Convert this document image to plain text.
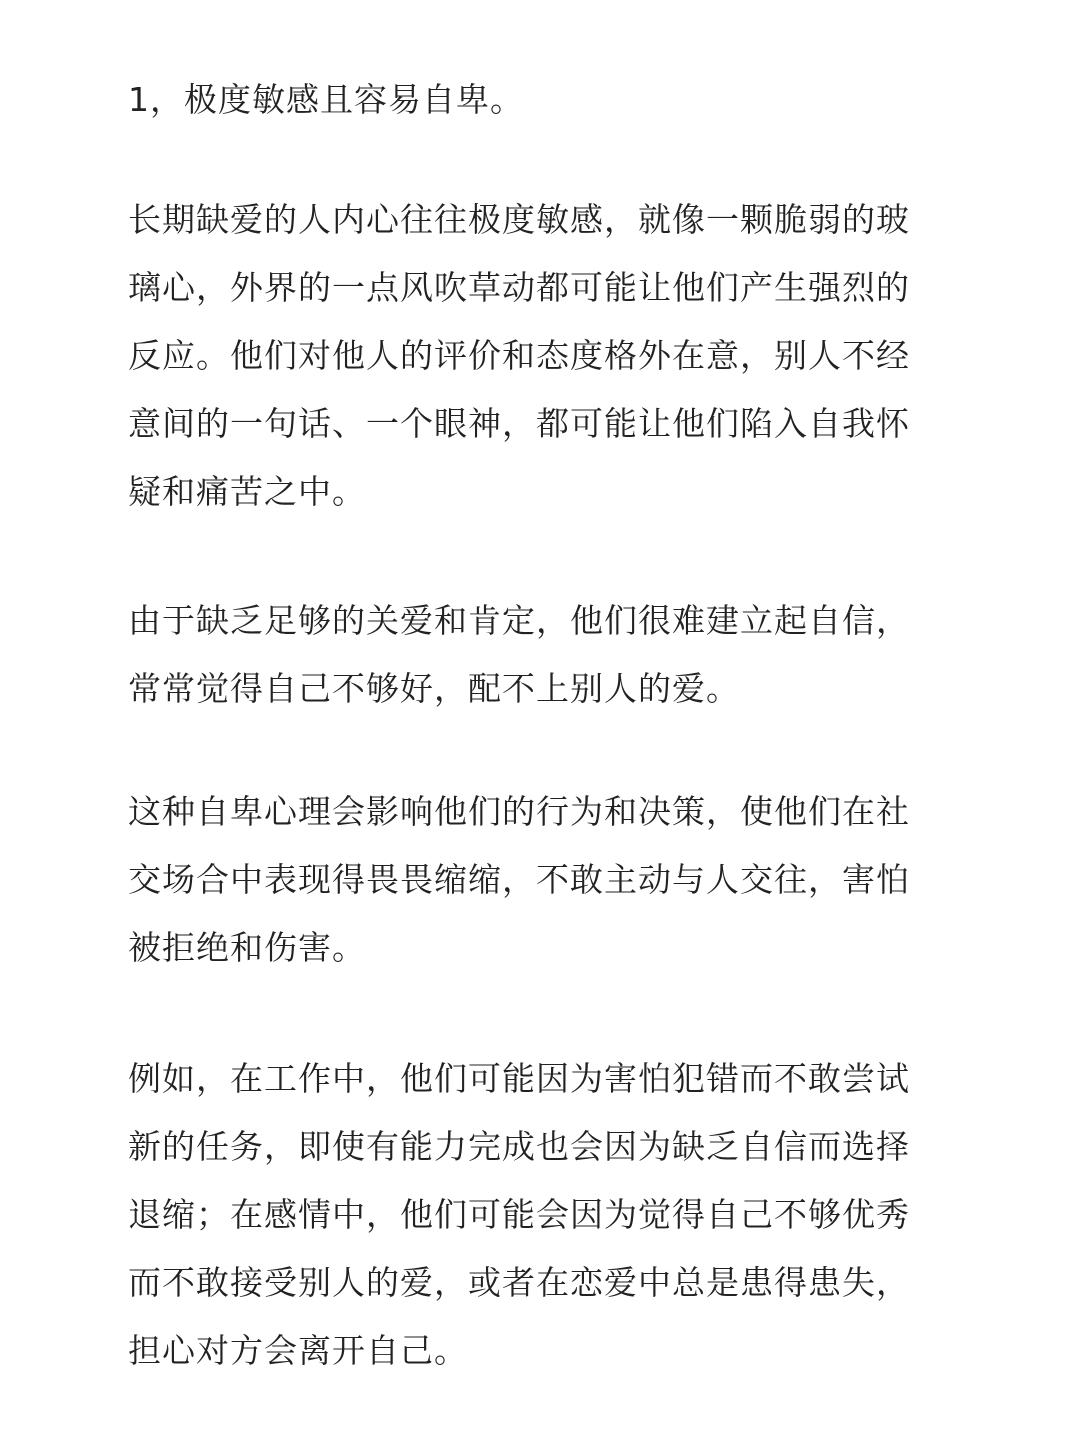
1，极度敏感且容易自卑。

长期缺爱的人内心往往极度敏感，就像一颗脆弱的玻
璃心，外界的一点风吹草动都可能让他们产生强烈的
反应。他们对他人的评价和态度格外在意，别人不经
意间的一句话、一个眼神，都可能让他们陷入自我怀
疑和痛苦之中。

由于缺乏足够的关爱和肯定，他们很难建立起自信，
常常觉得自己不够好，配不上别人的爱。

这种自卑心理会影响他们的行为和决策，使他们在社
交场合中表现得畏畏缩缩，不敢主动与人交往，害怕
被拒绝和伤害。

例如，在工作中，他们可能因为害怕犯错而不敢尝试
新的任务，即使有能力完成也会因为缺乏自信而选择
退缩；在感情中，他们可能会因为觉得自己不够优秀
而不敢接受别人的爱，或者在恋爱中总是患得患失，
担心对方会离开自己。
